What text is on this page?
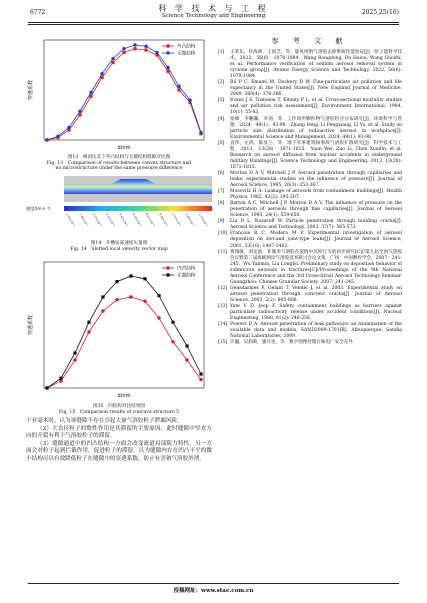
6772	科 学 技 术 与 工 程
Science Technology and Engineering	2025,25(16)
穿透系数
d/nm
外凸结构
无微结构
图13　相同压差下外凸结构与无微结构缝隙对比图
Fig. 13　Comparison of results between convex structure and
no microstructure under the same pressure difference
速度/(m·s⁻¹)
1.25×10⁻⁴ 1.45×10⁻³ 2.77×10⁻² 4.10×10⁻² 5.42×10⁻² 6.75×10⁻² 8.07×10⁻² 9.39×10⁻² 1.07×10⁻¹ 1.20×10⁻¹ 1.33×10⁻¹
图14　开槽局部速度矢量图
Fig. 14　Slotted local velocity vector map
穿透系数
d/nm
内凹结构
无微结构
图15　凹结构对比结果图
Fig. 15　Comparison results of concave structure 5
于亚毫米时，认为该缝隙不存在引起大量气溶胶粒子泄漏风险。
（2）大直径粒子的惯性作用是其滞留的主要原因，此时缝隙中竖直方向的开裂有利于气溶胶粒子的滞留。
（3）缝隙通道中的凹凸结构一方面会改变流道局部阻力特性，另一方面会对粒子起到拦截作用，促进粒子的滞留，认为缝隙内存在凹凸不平的微小结构可以有效降低粒子在缝隙中的穿透系数，防止有害钠气溶胶外泄。
参 考 文 献
[1]	王荣东，杜海鸥，王国芝，等．旋风组钠气溶胶去除系统性能验证[J]．原子能科学技术，2022，56(6)：1078-1084．Wang Rongdong, Du Haiou, Wang Guozhi, et al. Performance verification of sodium aerosol removal system in cyclone group[J]. Atomic Energy Science and Technology, 2022, 56(6): 1078-1084.
[2]	Bil P C, Emami M, Dockery D W. Fine-particulate air pollution and life expectancy in the United States[J]. New England Journal of Medicine, 2009, 360(4): 376-386.
[3]	Evans J S, Tosteson T, Kinney P L, et al. Cross-sectional mortality studies and air pollution risk assessment[J]. Environment International, 1984, 10(1): 55-83.
[4]	张峰，李鹏瀚，李翎，等．工作场所颗粒物气溶胶粒径分布研究[J]．环境科学与管理，2024，49(1)：93-98．Zhang Feng, Li Pengxiang, Li Yu, et al. Study on particle size distribution of radioactive aerosol in workplace[J]. Environmental Science and Management, 2024, 49(1): 93-98.
[5]	袁伟，左鸿，陈显兰，等．地下军事建筑核事故气溶胶扩散研究[J]．科学技术与工程，2013，13(28)：1671-1815．Yuan Wei, Zuo Li, Chen Xianlin, et al. Research on aerosol diffusion from nuclear accidents in underground military Buildings[J]. Science Technology and Engineering, 2013, 13(28): 1671-1815.
[6]	Morton D A V, Mitchell J P. Aerosol penetration through capillaries and leaks: experimental studies on the influence of pressure[J]. Journal of Aerosol Science, 1995, 26(3): 353-367.
[7]	Mosovitz H A. Leakage of aerosols from containment buildings[J]. Health Physics, 1982, 42(2): 195-207.
[8]	Barton A C, Mitchell J P, Morton D A V. The influence of pressure on the penetration of aerosols through fine capillaries[J]. Journal of Aerosol Science, 1993, 24(1): 559-650.
[9]	Liu D L, Nazaroff W. Particle penetration through building cracks[J]. Aerosol Science and Technology, 2003, 37(7): 565-573.
[10] François R C, Modera M P. Experimental investigation of aerosol deposition on slot-and joint-type leaks[J]. Journal of Aerosol Science, 2001, 33(10): 1447-1462.
[11] 黄翔敏，刘龙波．亚微米气溶胶在裂缝中沉积行为的初步研究[C]//第九届全国气溶胶会议暨第三届海峡两岸气溶胶技术研讨会论文集．广州：中国颗粒学会，2007：241-245．Wu Yanmin, Liu Longbo. Preliminary study on deposition behavior of submicron aerosols in fractures[C]//Proceedings of the 9th National Aerosol Conference and the 3rd Cross-Strait Aerosol Technology Seminar. Guangzhou: Chinese Granular Society, 2007: 241-245.
[12] Gensdarmes F, Gelain T, Vendel J, et al. 2003. Experimental study on aerosol penetration through concrete cracks[J]. Journal of Aerosol Science, 2003, 2(2): 805-806.
[13] Yate V D, Jeop F. Safety containment buildings as barriers against particulate radioactivity release under accident conditions[J]. Nuclear Engineering, 1988, 81(2): 246-256.
[14] Powers D A. Aerosol penetration of leak pathways: an examination of the available data and models, SAND2009-1701[R]. Albuquerque: Sandia National Laboratories, 2009.
[15] 许巍，吴润莉，廖开星，等．数字图像处理在核电厂安全壳外
投稿网址：www.stae.com.cn
